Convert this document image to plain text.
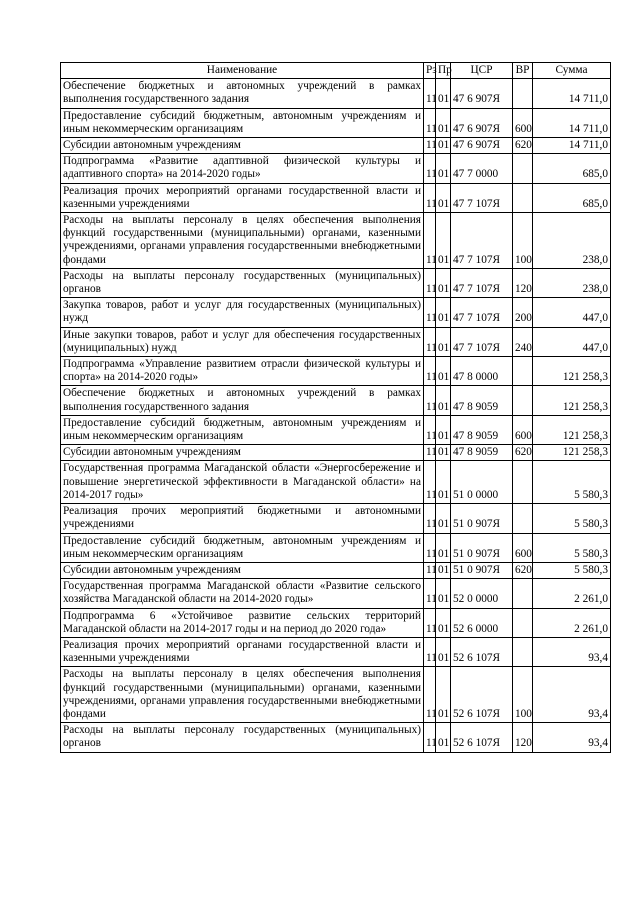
Наименование	Рз	Пр	ЦСР	ВР	Сумма
Обеспечение бюджетных и автономных учреждений в рамках выполнения государственного задания	11	01	47 6 907Я		14 711,0
Предоставление субсидий бюджетным, автономным учреждениям и иным некоммерческим организациям	11	01	47 6 907Я	600	14 711,0
Субсидии автономным учреждениям	11	01	47 6 907Я	620	14 711,0
Подпрограмма «Развитие адаптивной физической культуры и адаптивного спорта» на 2014-2020 годы»	11	01	47 7 0000		685,0
Реализация прочих мероприятий органами государственной власти и казенными учреждениями	11	01	47 7 107Я		685,0
Расходы на выплаты персоналу в целях обеспечения выполнения функций государственными (муниципальными) органами, казенными учреждениями, органами управления государственными внебюджетными фондами	11	01	47 7 107Я	100	238,0
Расходы на выплаты персоналу государственных (муниципальных) органов	11	01	47 7 107Я	120	238,0
Закупка товаров, работ и услуг для государственных (муниципальных) нужд	11	01	47 7 107Я	200	447,0
Иные закупки товаров, работ и услуг для обеспечения государственных (муниципальных) нужд	11	01	47 7 107Я	240	447,0
Подпрограмма «Управление развитием отрасли физической культуры и спорта» на 2014-2020 годы»	11	01	47 8 0000		121 258,3
Обеспечение бюджетных и автономных учреждений в рамках выполнения государственного задания	11	01	47 8 9059		121 258,3
Предоставление субсидий бюджетным, автономным учреждениям и иным некоммерческим организациям	11	01	47 8 9059	600	121 258,3
Субсидии автономным учреждениям	11	01	47 8 9059	620	121 258,3
Государственная программа Магаданской области «Энергосбережение и повышение энергетической эффективности в Магаданской области» на 2014-2017 годы»	11	01	51 0 0000		5 580,3
Реализация прочих мероприятий бюджетными и автономными учреждениями	11	01	51 0 907Я		5 580,3
Предоставление субсидий бюджетным, автономным учреждениям и иным некоммерческим организациям	11	01	51 0 907Я	600	5 580,3
Субсидии автономным учреждениям	11	01	51 0 907Я	620	5 580,3
Государственная программа Магаданской области «Развитие сельского хозяйства Магаданской области на 2014-2020 годы»	11	01	52 0 0000		2 261,0
Подпрограмма 6 «Устойчивое развитие сельских территорий Магаданской области на 2014-2017 годы и на период до 2020 года»	11	01	52 6 0000		2 261,0
Реализация прочих мероприятий органами государственной власти и казенными учреждениями	11	01	52 6 107Я		93,4
Расходы на выплаты персоналу в целях обеспечения выполнения функций государственными (муниципальными) органами, казенными учреждениями, органами управления государственными внебюджетными фондами	11	01	52 6 107Я	100	93,4
Расходы на выплаты персоналу государственных (муниципальных) органов	11	01	52 6 107Я	120	93,4
